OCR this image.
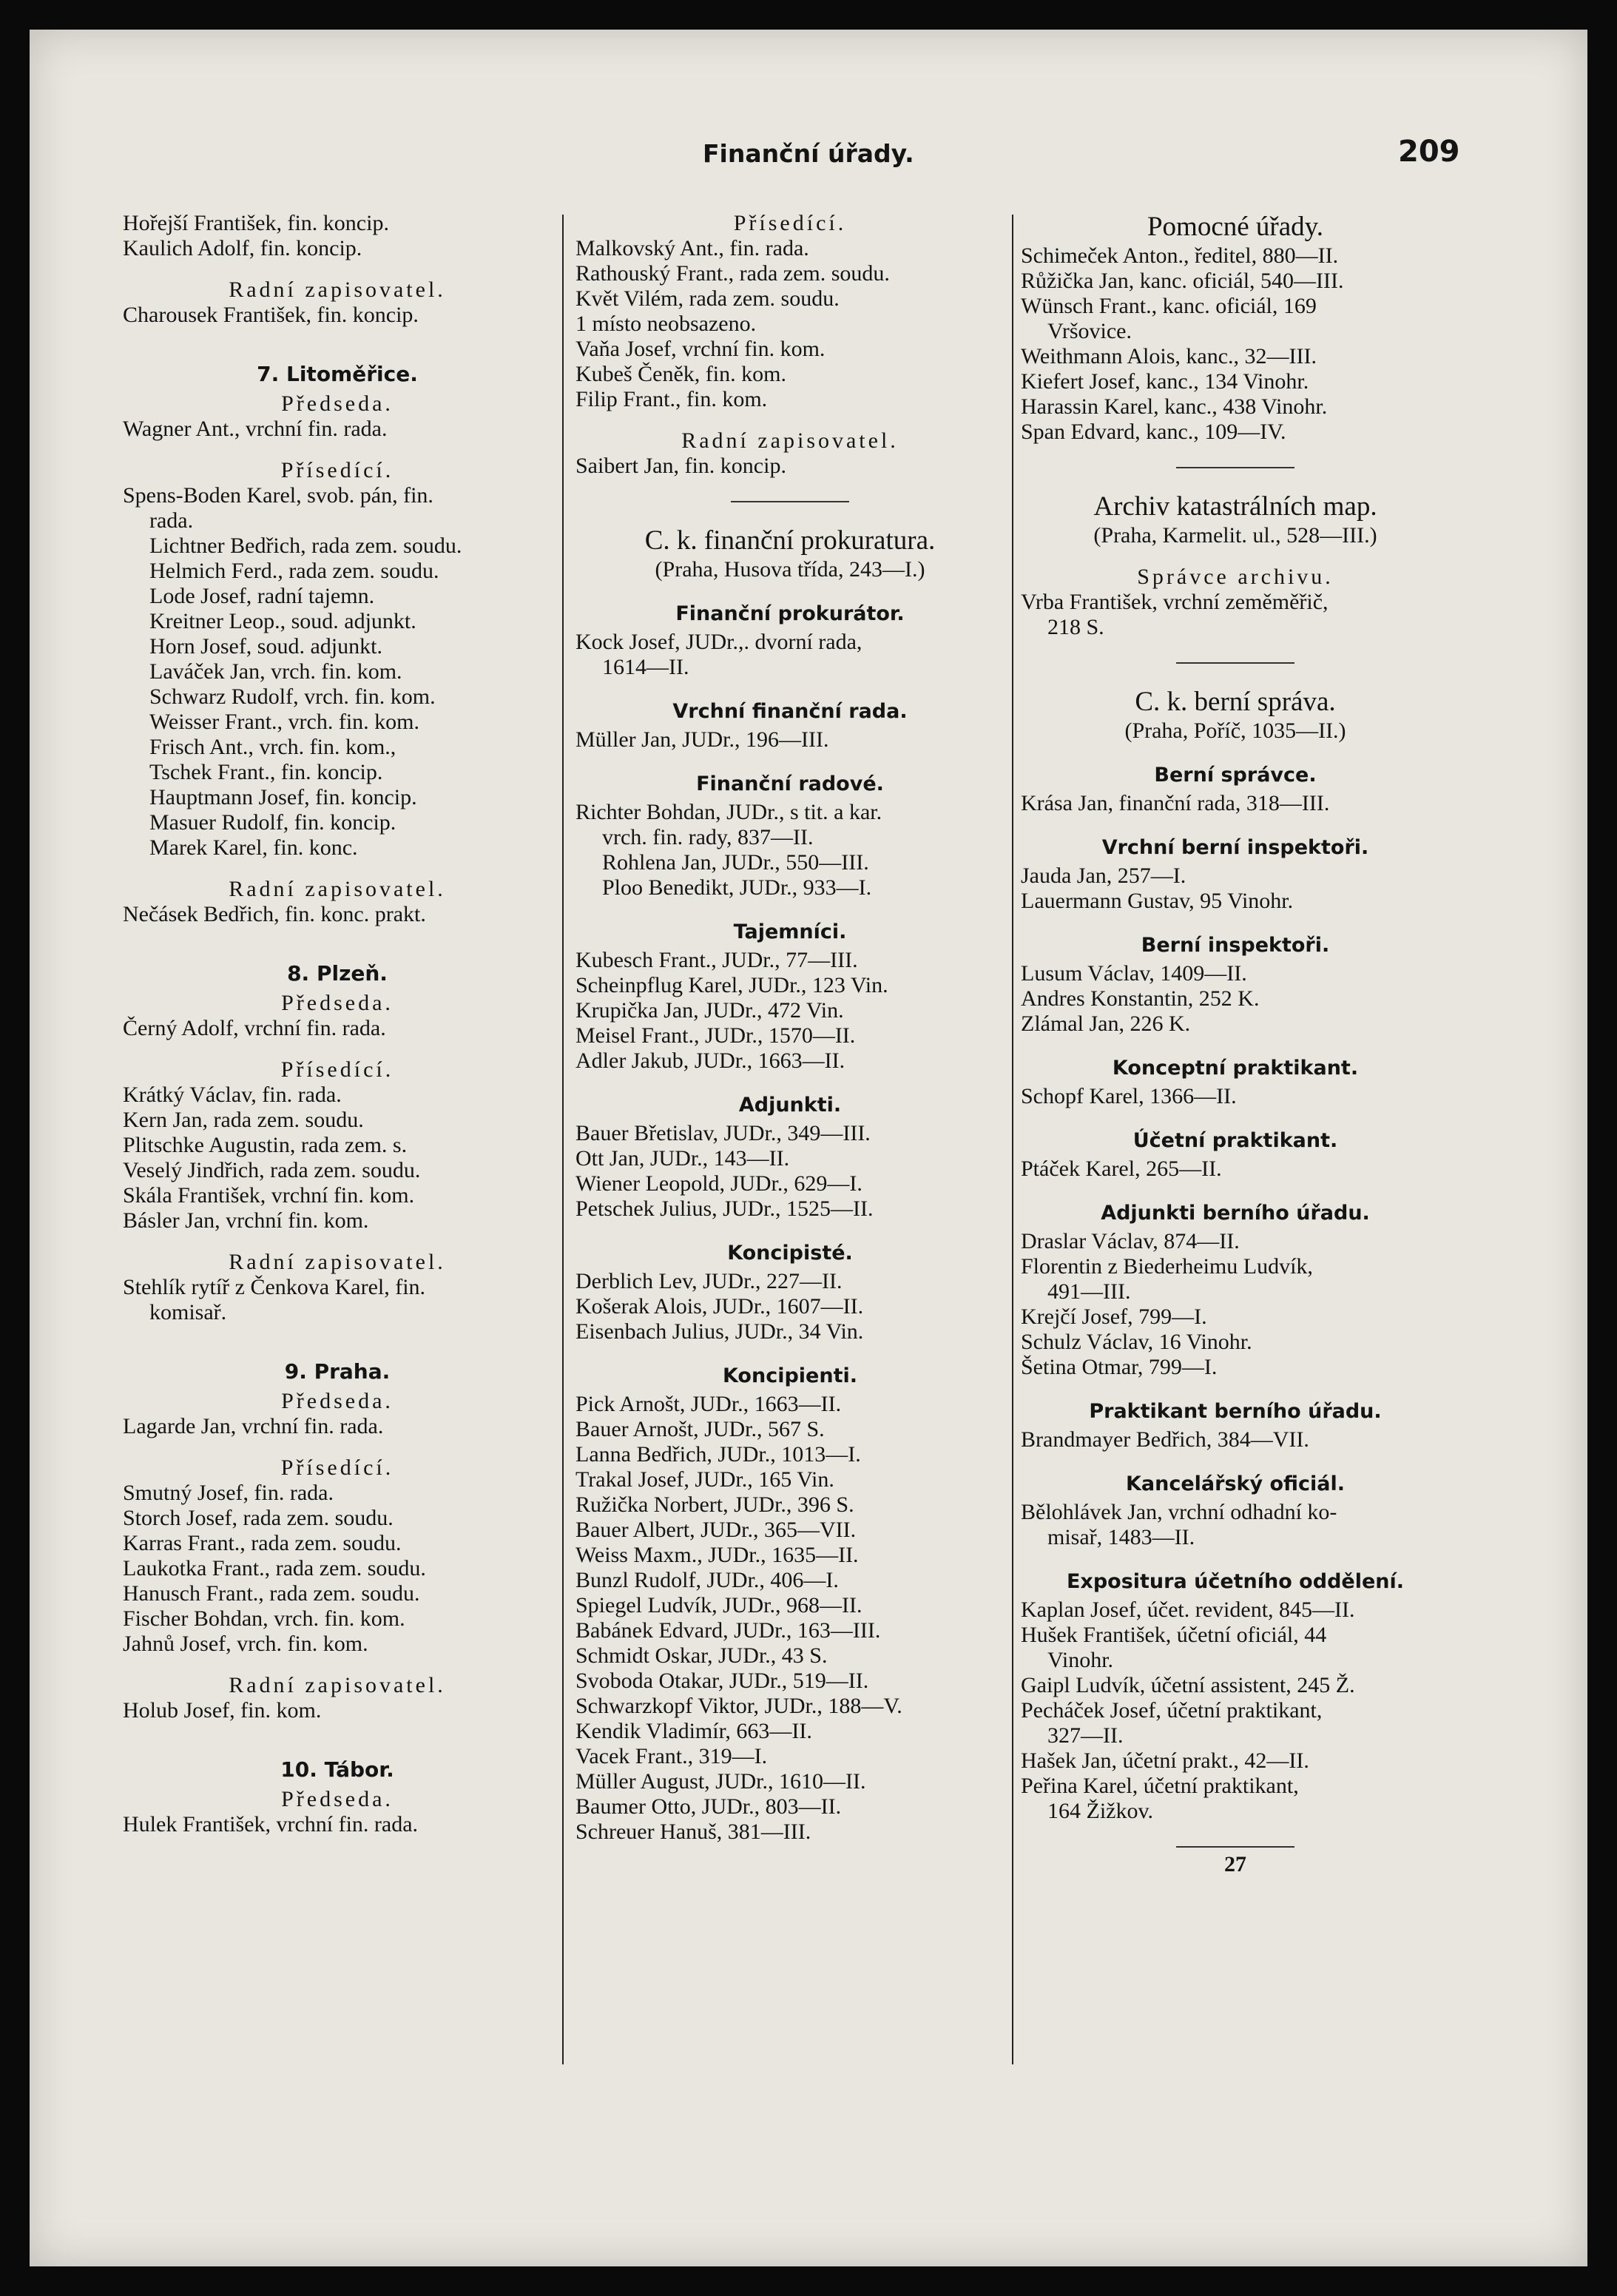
Finanční úřady.	209
Hořejší František, fin. koncip.
Kaulich Adolf, fin. koncip.
Radní zapisovatel.
Charousek František, fin. koncip.
7. Litoměřice.
Předseda.
Wagner Ant., vrchní fin. rada.
Přísedící.
Spens-Boden Karel, svob. pán, fin.
rada.
Lichtner Bedřich, rada zem. soudu.
Helmich Ferd., rada zem. soudu.
Lode Josef, radní tajemn.
Kreitner Leop., soud. adjunkt.
Horn Josef, soud. adjunkt.
Laváček Jan, vrch. fin. kom.
Schwarz Rudolf, vrch. fin. kom.
Weisser Frant., vrch. fin. kom.
Frisch Ant., vrch. fin. kom.,
Tschek Frant., fin. koncip.
Hauptmann Josef, fin. koncip.
Masuer Rudolf, fin. koncip.
Marek Karel, fin. konc.
Radní zapisovatel.
Nečásek Bedřich, fin. konc. prakt.
8. Plzeň.
Předseda.
Černý Adolf, vrchní fin. rada.
Přísedící.
Krátký Václav, fin. rada.
Kern Jan, rada zem. soudu.
Plitschke Augustin, rada zem. s.
Veselý Jindřich, rada zem. soudu.
Skála František, vrchní fin. kom.
Básler Jan, vrchní fin. kom.
Radní zapisovatel.
Stehlík rytíř z Čenkova Karel, fin.
komisař.
9. Praha.
Předseda.
Lagarde Jan, vrchní fin. rada.
Přísedící.
Smutný Josef, fin. rada.
Storch Josef, rada zem. soudu.
Karras Frant., rada zem. soudu.
Laukotka Frant., rada zem. soudu.
Hanusch Frant., rada zem. soudu.
Fischer Bohdan, vrch. fin. kom.
Jahnů Josef, vrch. fin. kom.
Radní zapisovatel.
Holub Josef, fin. kom.
10. Tábor.
Předseda.
Hulek František, vrchní fin. rada.
Přísedící.
Malkovský Ant., fin. rada.
Rathouský Frant., rada zem. soudu.
Květ Vilém, rada zem. soudu.
1 místo neobsazeno.
Vaňa Josef, vrchní fin. kom.
Kubeš Čeněk, fin. kom.
Filip Frant., fin. kom.
Radní zapisovatel.
Saibert Jan, fin. koncip.
C. k. finanční prokuratura.
(Praha, Husova třída, 243—I.)
Finanční prokurátor.
Kock Josef, JUDr.,. dvorní rada,
1614—II.
Vrchní finanční rada.
Müller Jan, JUDr., 196—III.
Finanční radové.
Richter Bohdan, JUDr., s tit. a kar.
vrch. fin. rady, 837—II.
Rohlena Jan, JUDr., 550—III.
Ploo Benedikt, JUDr., 933—I.
Tajemníci.
Kubesch Frant., JUDr., 77—III.
Scheinpflug Karel, JUDr., 123 Vin.
Krupička Jan, JUDr., 472 Vin.
Meisel Frant., JUDr., 1570—II.
Adler Jakub, JUDr., 1663—II.
Adjunkti.
Bauer Břetislav, JUDr., 349—III.
Ott Jan, JUDr., 143—II.
Wiener Leopold, JUDr., 629—I.
Petschek Julius, JUDr., 1525—II.
Koncipisté.
Derblich Lev, JUDr., 227—II.
Košerak Alois, JUDr., 1607—II.
Eisenbach Julius, JUDr., 34 Vin.
Koncipienti.
Pick Arnošt, JUDr., 1663—II.
Bauer Arnošt, JUDr., 567 S.
Lanna Bedřich, JUDr., 1013—I.
Trakal Josef, JUDr., 165 Vin.
Ružička Norbert, JUDr., 396 S.
Bauer Albert, JUDr., 365—VII.
Weiss Maxm., JUDr., 1635—II.
Bunzl Rudolf, JUDr., 406—I.
Spiegel Ludvík, JUDr., 968—II.
Babánek Edvard, JUDr., 163—III.
Schmidt Oskar, JUDr., 43 S.
Svoboda Otakar, JUDr., 519—II.
Schwarzkopf Viktor, JUDr., 188—V.
Kendik Vladimír, 663—II.
Vacek Frant., 319—I.
Müller August, JUDr., 1610—II.
Baumer Otto, JUDr., 803—II.
Schreuer Hanuš, 381—III.
Pomocné úřady.
Schimeček Anton., ředitel, 880—II.
Růžička Jan, kanc. oficiál, 540—III.
Wünsch Frant., kanc. oficiál, 169
Vršovice.
Weithmann Alois, kanc., 32—III.
Kiefert Josef, kanc., 134 Vinohr.
Harassin Karel, kanc., 438 Vinohr.
Span Edvard, kanc., 109—IV.
Archiv katastrálních map.
(Praha, Karmelit. ul., 528—III.)
Správce archivu.
Vrba František, vrchní zeměměřič,
218 S.
C. k. berní správa.
(Praha, Poříč, 1035—II.)
Berní správce.
Krása Jan, finanční rada, 318—III.
Vrchní berní inspektoři.
Jauda Jan, 257—I.
Lauermann Gustav, 95 Vinohr.
Berní inspektoři.
Lusum Václav, 1409—II.
Andres Konstantin, 252 K.
Zlámal Jan, 226 K.
Konceptní praktikant.
Schopf Karel, 1366—II.
Účetní praktikant.
Ptáček Karel, 265—II.
Adjunkti berního úřadu.
Draslar Václav, 874—II.
Florentin z Biederheimu Ludvík,
491—III.
Krejčí Josef, 799—I.
Schulz Václav, 16 Vinohr.
Šetina Otmar, 799—I.
Praktikant berního úřadu.
Brandmayer Bedřich, 384—VII.
Kancelářský oficiál.
Bělohlávek Jan, vrchní odhadní ko-
misař, 1483—II.
Expositura účetního oddělení.
Kaplan Josef, účet. revident, 845—II.
Hušek František, účetní oficiál, 44
Vinohr.
Gaipl Ludvík, účetní assistent, 245 Ž.
Pecháček Josef, účetní praktikant,
327—II.
Hašek Jan, účetní prakt., 42—II.
Peřina Karel, účetní praktikant,
164 Žižkov.
27
